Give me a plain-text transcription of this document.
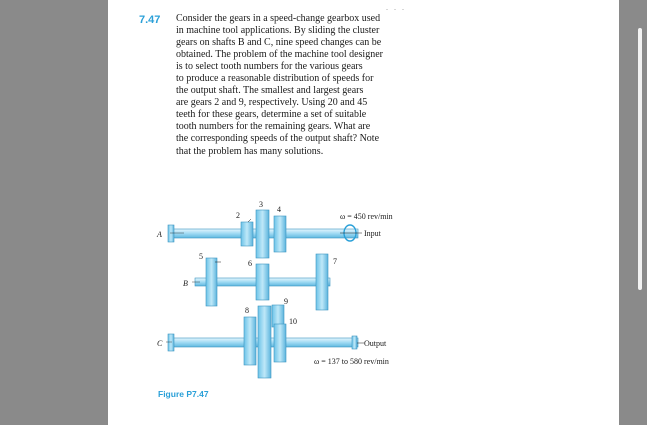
. . .
7.47 Consider the gears in a speed-change gearbox used
in machine tool applications. By sliding the cluster
gears on shafts B and C, nine speed changes can be
obtained. The problem of the machine tool designer
is to select tooth numbers for the various gears
to produce a reasonable distribution of speeds for
the output shaft. The smallest and largest gears
are gears 2 and 9, respectively. Using 20 and 45
teeth for these gears, determine a set of suitable
tooth numbers for the remaining gears. What are
the corresponding speeds of the output shaft? Note
that the problem has many solutions.

A
B
C
2
3
4
5
6	7
8
9
10
ω = 450 rev/min
Input
Output
ω = 137 to 580 rev/min
Figure P7.47
